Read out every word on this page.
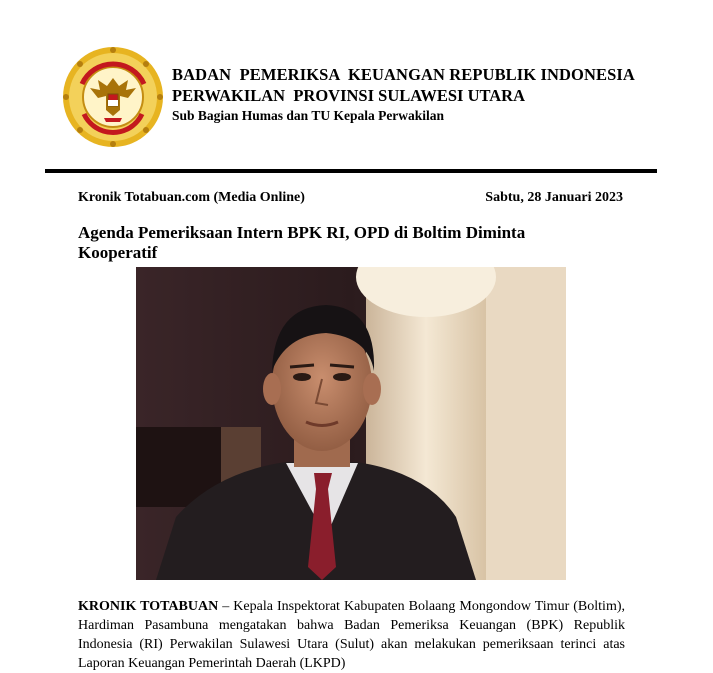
BADAN  PEMERIKSA  KEUANGAN REPUBLIK INDONESIA
PERWAKILAN  PROVINSI SULAWESI UTARA
Sub Bagian Humas dan TU Kepala Perwakilan
Kronik Totabuan.com (Media Online)	Sabtu, 28 Januari 2023
Agenda Pemeriksaan Intern BPK RI, OPD di Boltim Diminta Kooperatif
KRONIK TOTABUAN – Kepala Inspektorat Kabupaten Bolaang Mongondow Timur (Boltim), Hardiman Pasambuna mengatakan bahwa Badan Pemeriksa Keuangan (BPK) Republik Indonesia (RI) Perwakilan Sulawesi Utara (Sulut) akan melakukan pemeriksaan terinci atas Laporan Keuangan Pemerintah Daerah (LKPD)
